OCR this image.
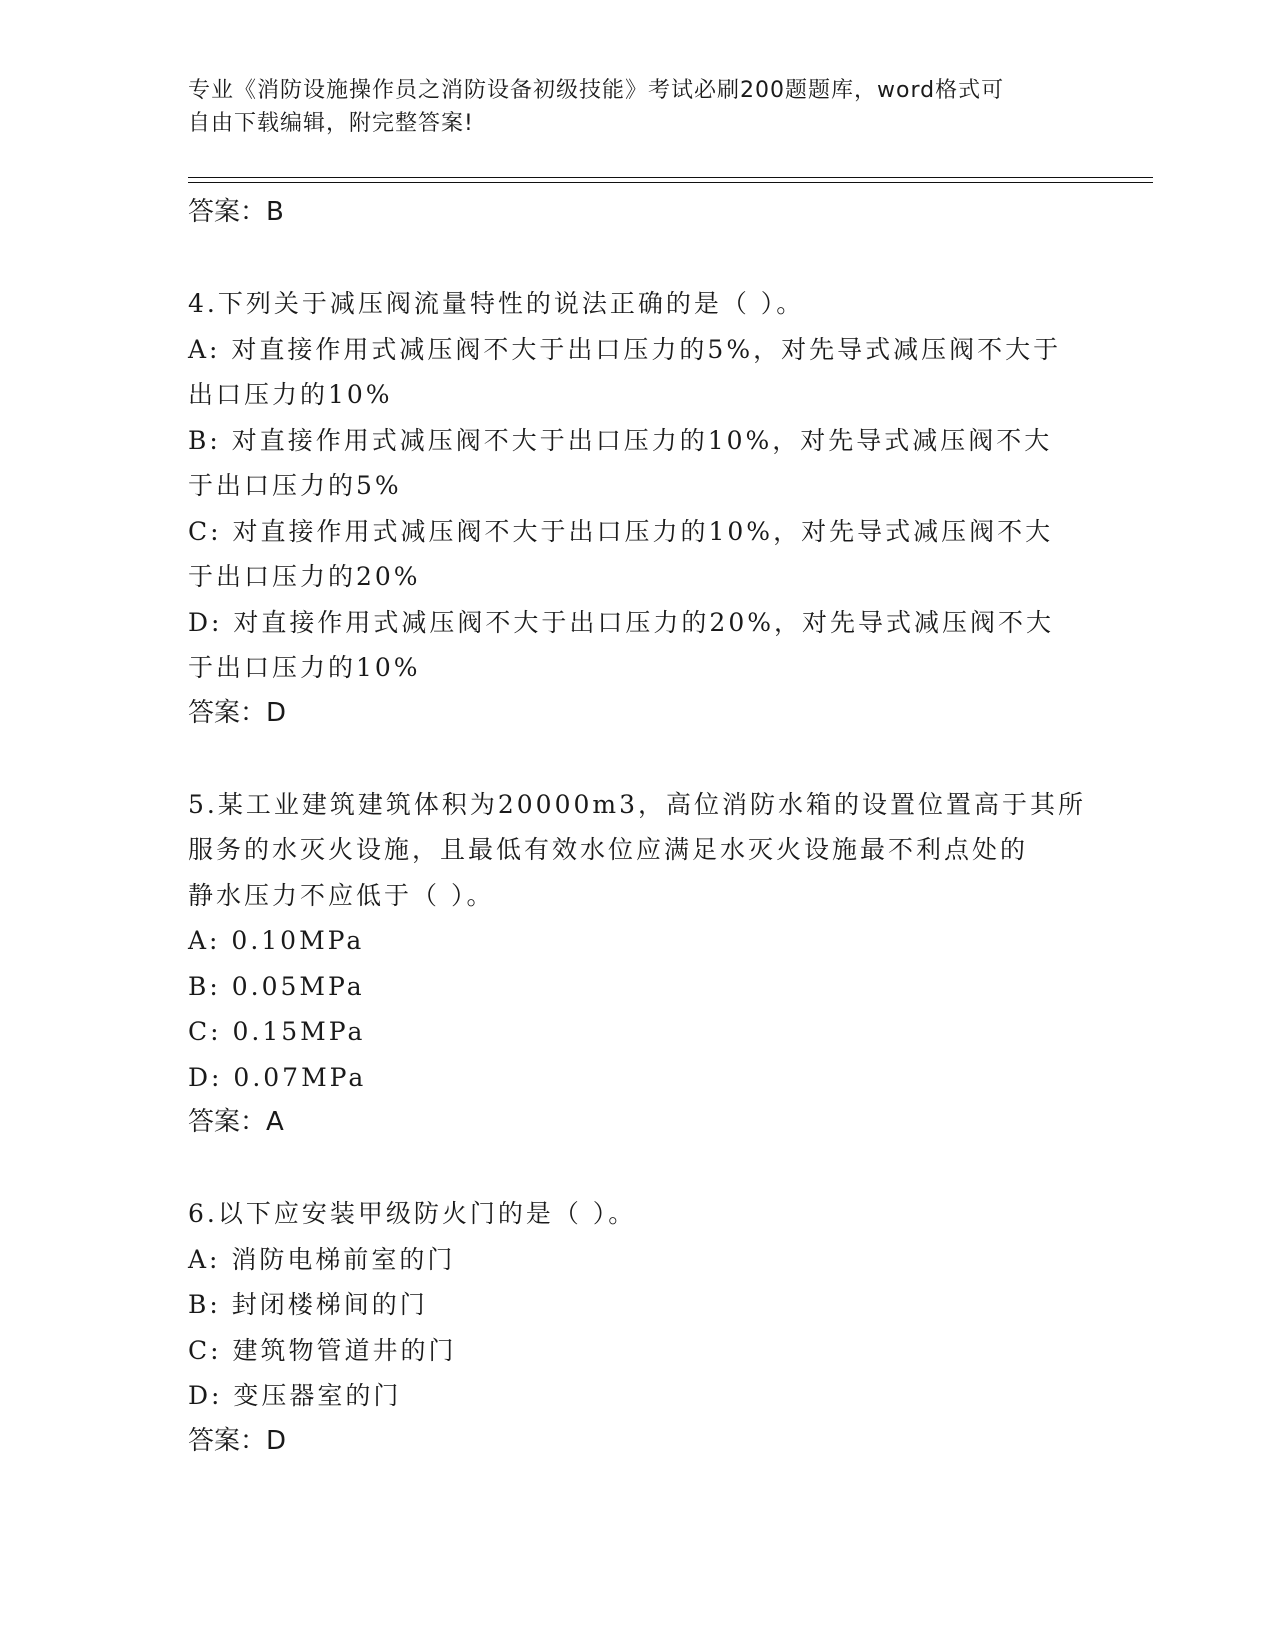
专业《消防设施操作员之消防设备初级技能》考试必刷200题题库，word格式可
自由下载编辑，附完整答案!
答案：B
4.下列关于减压阀流量特性的说法正确的是（ ）。
A: 对直接作用式减压阀不大于出口压力的5%，对先导式减压阀不大于
出口压力的10%
B: 对直接作用式减压阀不大于出口压力的10%，对先导式减压阀不大
于出口压力的5%
C: 对直接作用式减压阀不大于出口压力的10%，对先导式减压阀不大
于出口压力的20%
D: 对直接作用式减压阀不大于出口压力的20%，对先导式减压阀不大
于出口压力的10%
答案：D
5.某工业建筑建筑体积为20000m3，高位消防水箱的设置位置高于其所
服务的水灭火设施，且最低有效水位应满足水灭火设施最不利点处的
静水压力不应低于（ ）。
A: 0.10MPa
B: 0.05MPa
C: 0.15MPa
D: 0.07MPa
答案：A
6.以下应安装甲级防火门的是（ ）。
A: 消防电梯前室的门
B: 封闭楼梯间的门
C: 建筑物管道井的门
D: 变压器室的门
答案：D
